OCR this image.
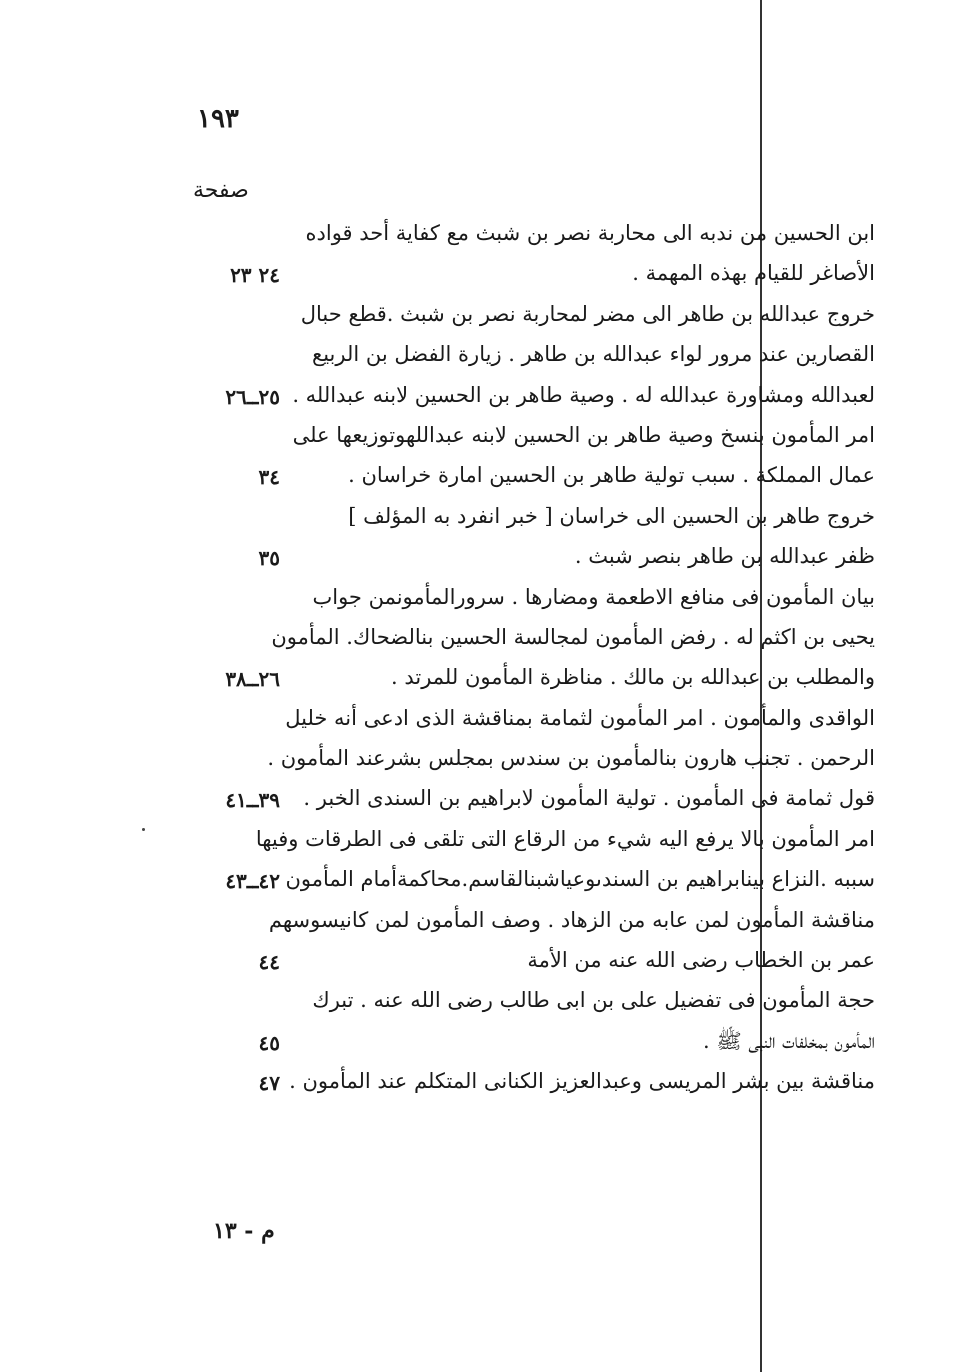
١٩٣
صفحة
ابن الحسين من ندبه الى محاربة نصر بن شبث مع كفاية أحد قواده
الأصاغر للقيام بهذه المهمة .
٢٤ ٢٣
خروج عبدالله بن طاهر الى مضر لمحاربة نصر بن شبث .قطع حبال
القصارين عند مرور لواء عبدالله بن طاهر . زيارة الفضل بن الربيع
لعبدالله ومشاورة عبدالله له . وصية طاهر بن الحسين لابنه عبدالله .
٢٥ــ٢٦
امر المأمون بنسخ وصية طاهر بن الحسين لابنه عبداللهوتوزيعها على
عمال المملكة . سبب تولية طاهر بن الحسين امارة خراسان .
٣٤
خروج طاهر بن الحسين الى خراسان [ خبر انفرد به المؤلف ]
ظفر عبدالله بن طاهر بنصر شبث .
٣٥
بيان المأمون فى منافع الاطعمة ومضارها . سرورالمأمونمن جواب
يحيى بن اكثم له . رفض المأمون لمجالسة الحسين بنالضحاك. المأمون
والمطلب بن عبدالله بن مالك . مناظرة المأمون للمرتد .
٢٦ــ٣٨
الواقدى والمأمون . امر المأمون لثمامة بمناقشة الذى ادعى أنه خليل
الرحمن . تجنب هارون بنالمأمون بن سندس بمجلس بشرعند المأمون .
قول ثمامة فى المأمون . تولية المأمون لابراهيم بن السندى الخبر .
٣٩ــ٤١
امر المأمون بالا يرفع اليه شيء من الرقاع التى تلقى فى الطرقات وفيها
سببه .النزاع بينابراهيم بن السندىوعياشبنالقاسم.محاكمةأمام المأمون
٤٢ــ٤٣
مناقشة المأمون لمن عابه من الزهاد . وصف المأمون لمن كانيسوسهم
عمر بن الخطاب رضى الله عنه من الأمة
٤٤
حجة المأمون فى تفضيل على بن ابى طالب رضى الله عنه . تبرك
المأمون بمخلفات النبى ﷺ .
٤٥
مناقشة بين بشر المريسى وعبدالعزيز الكنانى المتكلم عند المأمون .
٤٧
م - ١٣
